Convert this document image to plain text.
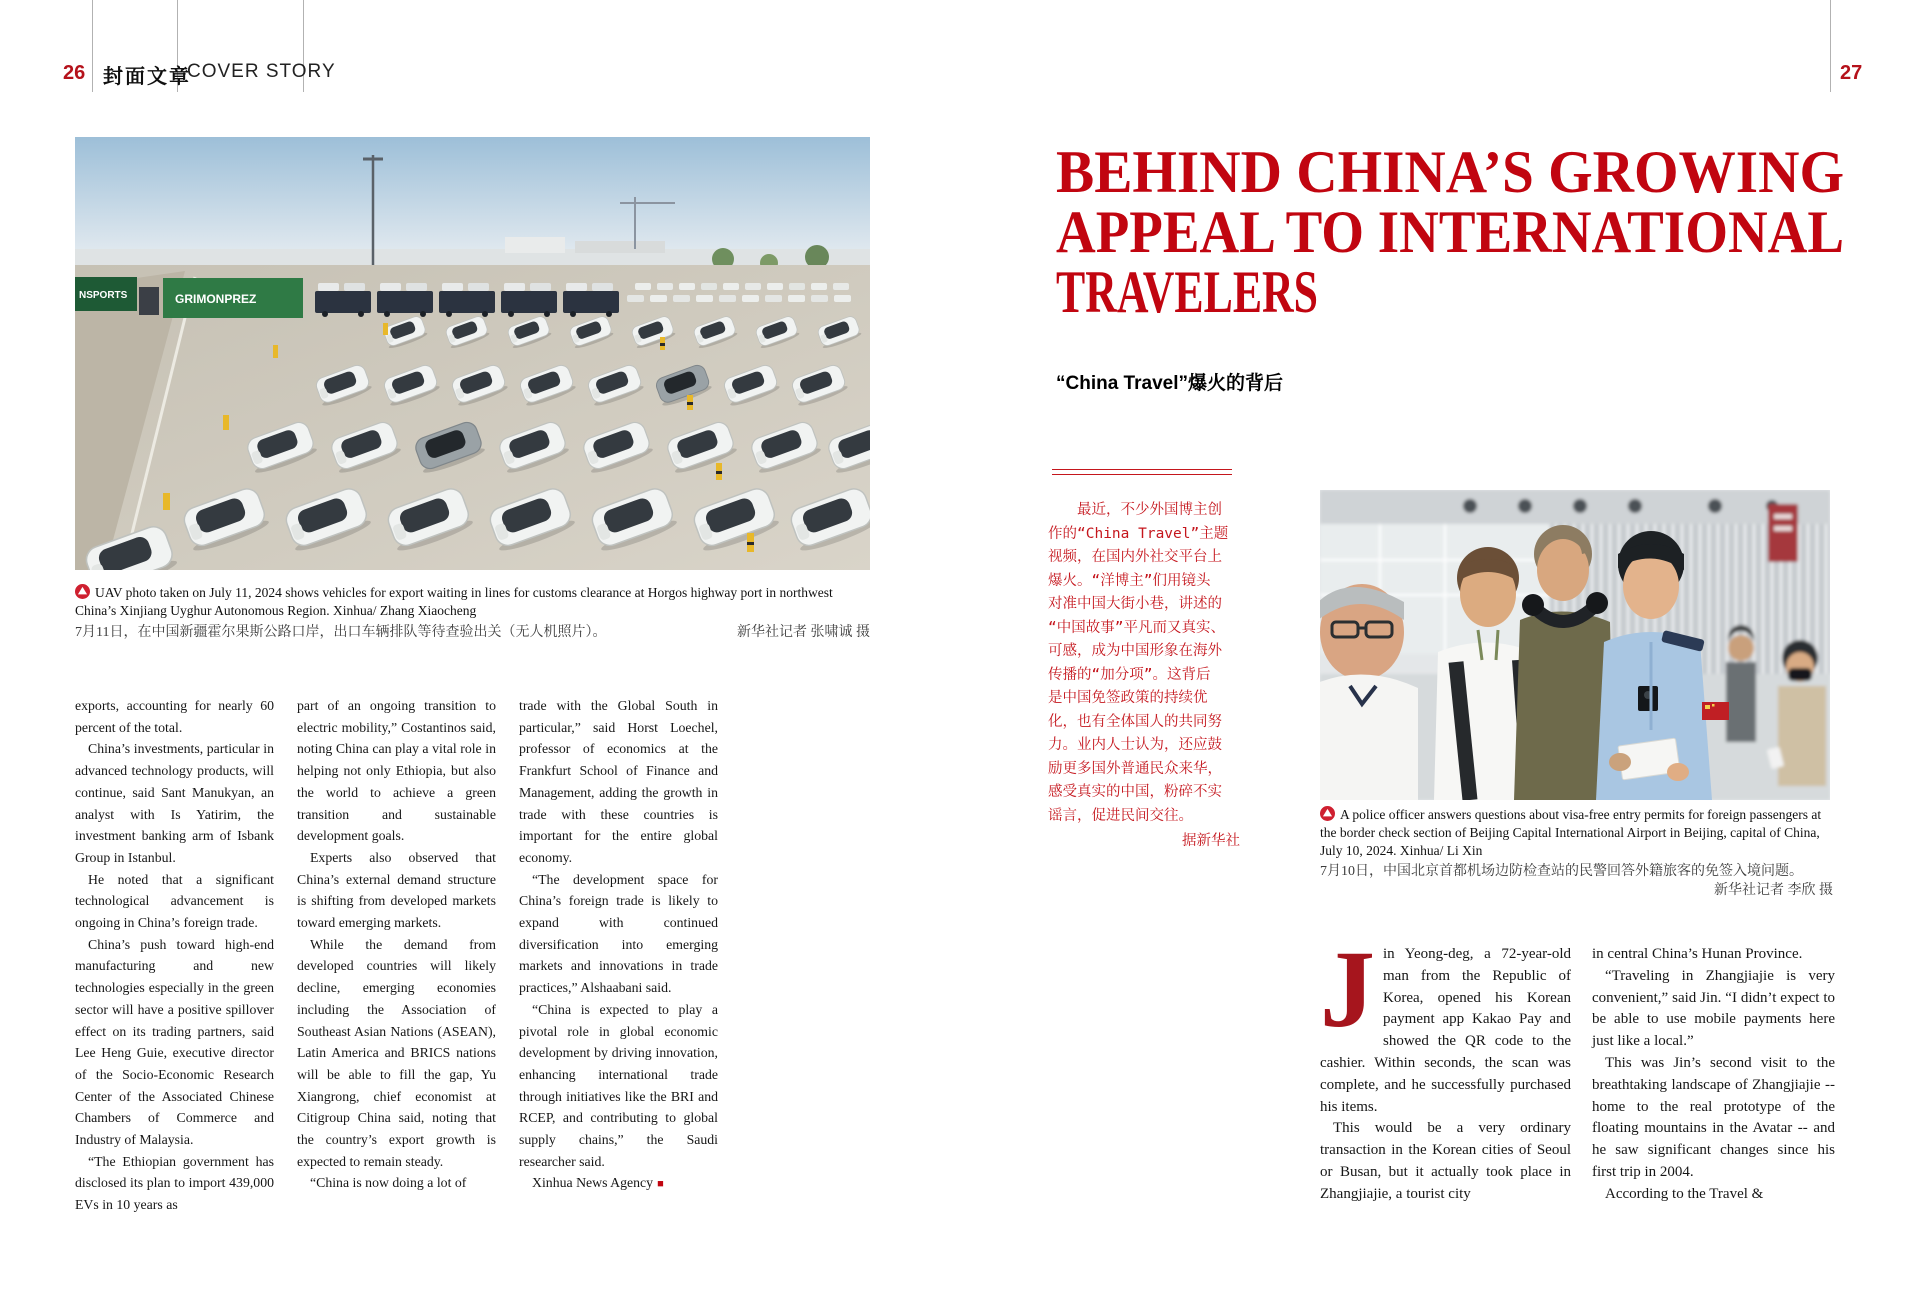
26 封面文章
COVER STORY	27
NSPORTS	GRIMONPREZ
UAV photo taken on July 11, 2024 shows vehicles for export waiting in lines for customs clearance at Horgos highway port in northwest China’s Xinjiang Uyghur Autonomous Region. Xinhua/ Zhang Xiaocheng
7月11日，在中国新疆霍尔果斯公路口岸，出口车辆排队等待查验出关（无人机照片）。	新华社记者 张啸诚 摄
exports, accounting for nearly 60 percent of the total.
China’s investments, particular in advanced technology products, will continue, said Sant Manukyan, an analyst with Is Yatirim, the investment banking arm of Isbank Group in Istanbul.
He noted that a significant technological advancement is ongoing in China’s foreign trade.
China’s push toward high-end manufacturing and new technologies especially in the green sector will have a positive spillover effect on its trading partners, said Lee Heng Guie, executive director of the Socio-Economic Research Center of the Associated Chinese Chambers of Commerce and Industry of Malaysia.
“The Ethiopian government has disclosed its plan to import 439,000 EVs in 10 years as
part of an ongoing transition to electric mobility,” Costantinos said, noting China can play a vital role in helping not only Ethiopia, but also the world to achieve a green transition and sustainable development goals.
Experts also observed that China’s external demand structure is shifting from developed markets toward emerging markets.
While the demand from developed countries will likely decline, emerging economies including the Association of Southeast Asian Nations (ASEAN), Latin America and BRICS nations will be able to fill the gap, Yu Xiangrong, chief economist at Citigroup China said, noting that the country’s export growth is expected to remain steady.
“China is now doing a lot of
trade with the Global South in particular,” said Horst Loechel, professor of economics at the Frankfurt School of Finance and Management, adding the growth in trade with these countries is important for the entire global economy.
“The development space for China’s foreign trade is likely to expand with continued diversification into emerging markets and innovations in trade practices,” Alshaabani said.
“China is expected to play a pivotal role in global economic development by driving innovation, enhancing international trade through initiatives like the BRI and RCEP, and contributing to global supply chains,” the Saudi researcher said.
Xinhua News Agency ■
BEHIND CHINA’S GROWING
APPEAL TO INTERNATIONAL
TRAVELERS
“China Travel”爆火的背后
最近，不少外国博主创
作的“China Travel”主题
视频，在国内外社交平台上
爆火。“洋博主”们用镜头
对准中国大街小巷，讲述的
“中国故事”平凡而又真实、
可感，成为中国形象在海外
传播的“加分项”。这背后
是中国免签政策的持续优
化，也有全体国人的共同努
力。业内人士认为，还应鼓
励更多国外普通民众来华，
感受真实的中国，粉碎不实
谣言，促进民间交往。
据新华社
A police officer answers questions about visa-free entry permits for foreign passengers at the border check section of Beijing Capital International Airport in Beijing, capital of China, July 10, 2024. Xinhua/ Li Xin
7月10日，中国北京首都机场边防检查站的民警回答外籍旅客的免签入境问题。
新华社记者 李欣 摄
Jin Yeong-deg, a 72-year-old man from the Republic of Korea, opened his Korean payment app Kakao Pay and showed the QR code to the cashier. Within seconds, the scan was complete, and he successfully purchased his items.
This would be a very ordinary transaction in the Korean cities of Seoul or Busan, but it actually took place in Zhangjiajie, a tourist city
in central China’s Hunan Province.
“Traveling in Zhangjiajie is very convenient,” said Jin. “I didn’t expect to be able to use mobile payments here just like a local.”
This was Jin’s second visit to the breathtaking landscape of Zhangjiajie -- home to the real prototype of the floating mountains in the Avatar -- and he saw significant changes since his first trip in 2004.
According to the Travel &
